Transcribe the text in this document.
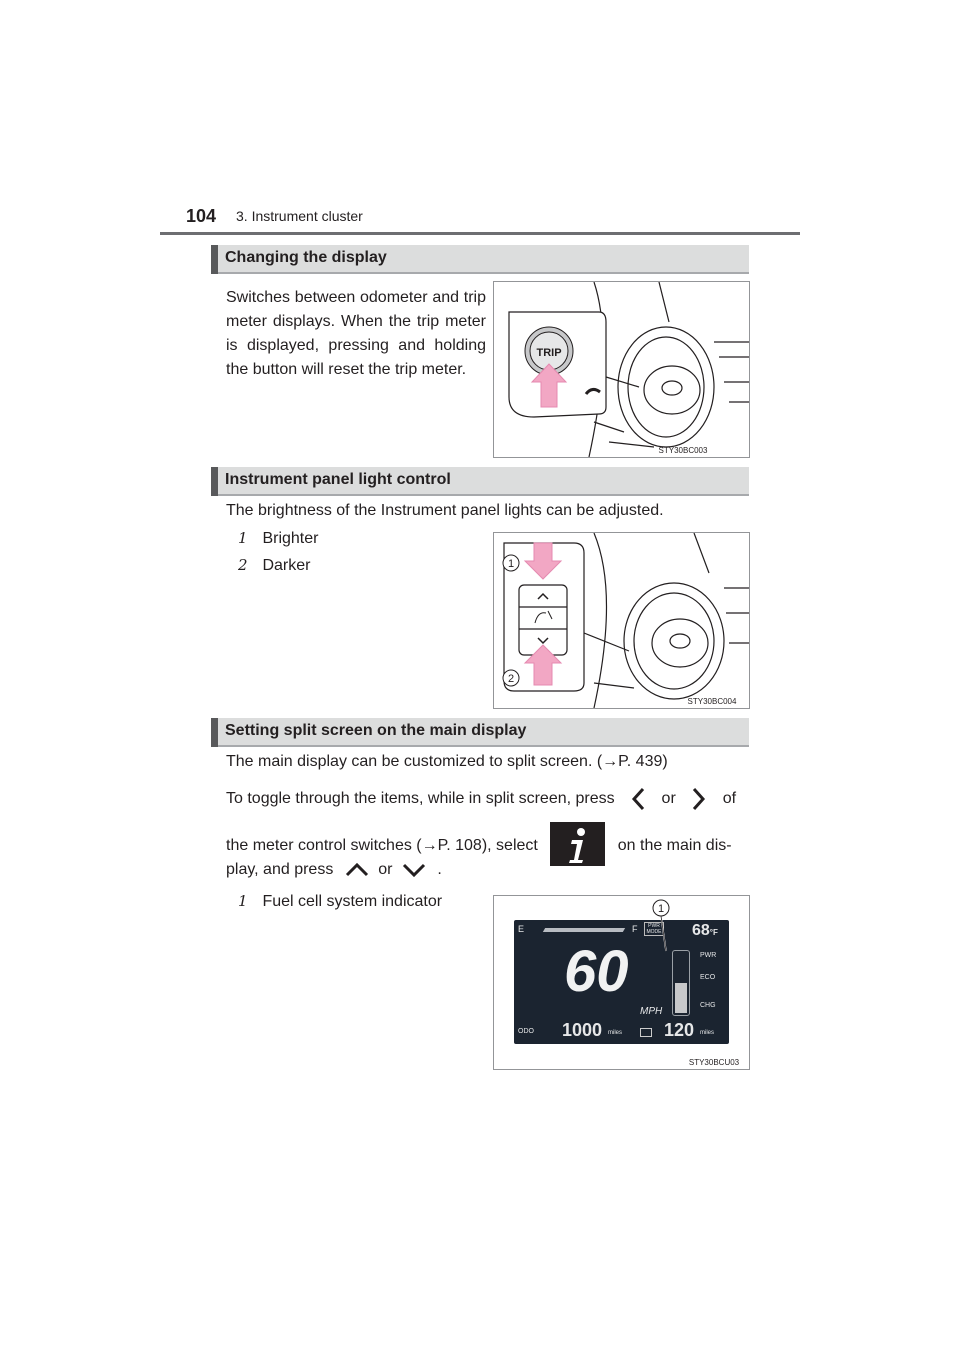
104 3. Instrument cluster
Changing the display
Switches between odometer and trip meter displays. When the trip meter is displayed, pressing and holding the button will reset the trip meter.
TRIP
STY30BC003
Instrument panel light control
The brightness of the Instrument panel lights can be adjusted.
1 Brighter
2 Darker	1
2
STY30BC004
Setting split screen on the main display
The main display can be customized to split screen. (→P. 439)
To toggle through the items, while in split screen, press	or	of
the meter control switches (→P. 108), select	on the main dis-
play, and press	or	.
1 Fuel cell system indicator
E	F	PWR MODE 68°F
60
MPH
PWR
ECO
CHG
ODO 1000 miles 120 miles
1
STY30BCU03
